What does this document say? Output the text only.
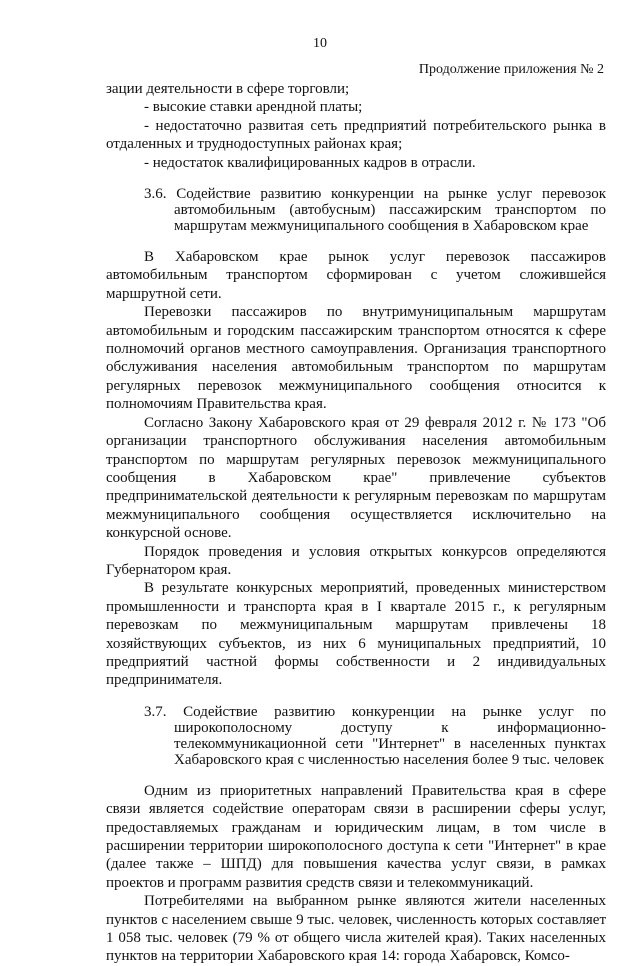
10
Продолжение приложения № 2

зации деятельности в сфере торговли;

- высокие ставки арендной платы;

- недостаточно развитая сеть предприятий потребительского рынка в отдаленных и труднодоступных районах края;

- недостаток квалифицированных кадров в отрасли.

3.6. Содействие развитию конкуренции на рынке услуг перевозок автомобильным (автобусным) пассажирским транспортом по маршрутам межмуниципального сообщения в Хабаровском крае

В Хабаровском крае рынок услуг перевозок пассажиров автомобильным транспортом сформирован с учетом сложившейся маршрутной сети.

Перевозки пассажиров по внутримуниципальным маршрутам автомобильным и городским пассажирским транспортом относятся к сфере полномочий органов местного самоуправления. Организация транспортного обслуживания населения автомобильным транспортом по маршрутам регулярных перевозок межмуниципального сообщения относится к полномочиям Правительства края.

Согласно Закону Хабаровского края от 29 февраля 2012 г. № 173 "Об организации транспортного обслуживания населения автомобильным транспортом по маршрутам регулярных перевозок межмуниципального сообщения в Хабаровском крае" привлечение субъектов предпринимательской деятельности к регулярным перевозкам по маршрутам межмуниципального сообщения осуществляется исключительно на конкурсной основе.

Порядок проведения и условия открытых конкурсов определяются Губернатором края.

В результате конкурсных мероприятий, проведенных министерством промышленности и транспорта края в I квартале 2015 г., к регулярным перевозкам по межмуниципальным маршрутам привлечены 18 хозяйствующих субъектов, из них 6 муниципальных предприятий, 10 предприятий частной формы собственности и 2 индивидуальных предпринимателя.

3.7. Содействие развитию конкуренции на рынке услуг по широкополосному доступу к информационно-телекоммуникационной сети "Интернет" в населенных пунктах Хабаровского края с численностью населения более 9 тыс. человек

Одним из приоритетных направлений Правительства края в сфере связи является содействие операторам связи в расширении сферы услуг, предоставляемых гражданам и юридическим лицам, в том числе в расширении территории широкополосного доступа к сети "Интернет" в крае (далее также – ШПД) для повышения качества услуг связи, в рамках проектов и программ развития средств связи и телекоммуникаций.

Потребителями на выбранном рынке являются жители населенных пунктов с населением свыше 9 тыс. человек, численность которых составляет 1 058 тыс. человек (79 % от общего числа жителей края). Таких населенных пунктов на территории Хабаровского края 14: города Хабаровск, Комсо-
